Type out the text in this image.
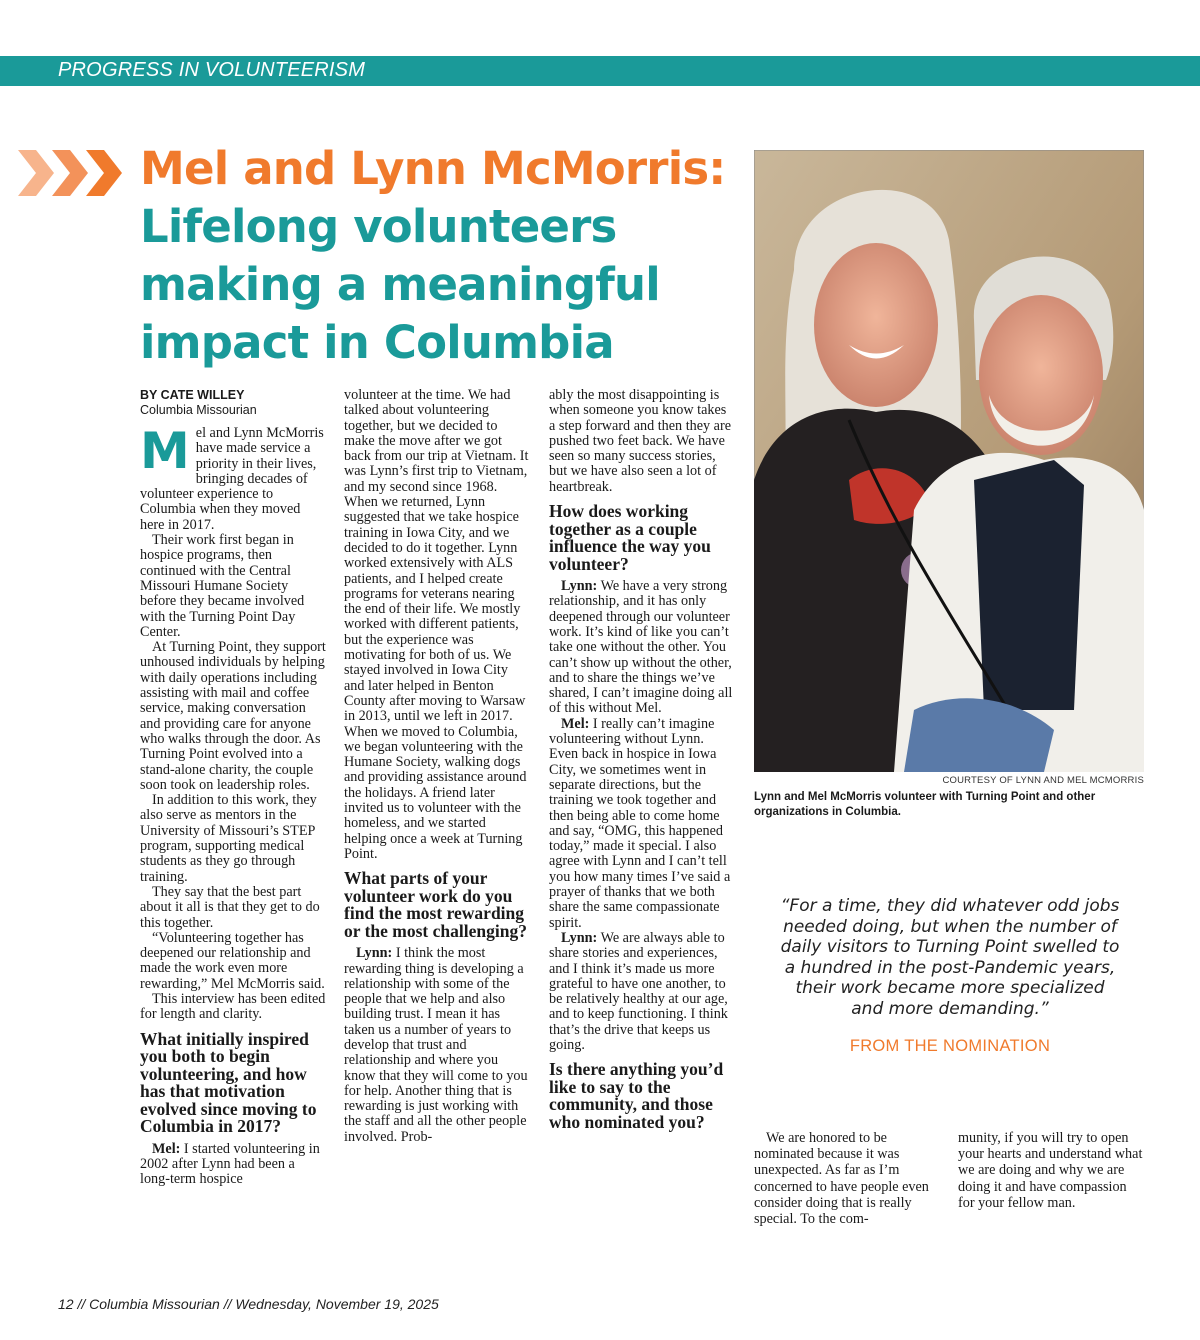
PROGRESS IN VOLUNTEERISM
Mel and Lynn McMorris:
Lifelong volunteers making a meaningful impact in Columbia
BY CATE WILLEY
Columbia Missourian

Mel and Lynn McMorris have made service a priority in their lives, bringing decades of volunteer experience to Columbia when they moved here in 2017.

Their work first began in hospice programs, then continued with the Central Missouri Humane Society before they became involved with the Turning Point Day Center.

At Turning Point, they support unhoused individuals by helping with daily operations including assisting with mail and coffee service, making conversation and providing care for anyone who walks through the door. As Turning Point evolved into a stand-alone charity, the couple soon took on leadership roles.

In addition to this work, they also serve as mentors in the University of Missouri’s STEP program, supporting medical students as they go through training.

They say that the best part about it all is that they get to do this together.

“Volunteering together has deepened our relationship and made the work even more rewarding,” Mel McMorris said.

This interview has been edited for length and clarity.

What initially inspired you both to begin volunteering, and how has that motivation evolved since moving to Columbia in 2017?

Mel: I started volunteering in 2002 after Lynn had been a long-term hospice

volunteer at the time. We had talked about volunteering together, but we decided to make the move after we got back from our trip at Vietnam. It was Lynn’s first trip to Vietnam, and my second since 1968. When we returned, Lynn suggested that we take hospice training in Iowa City, and we decided to do it together. Lynn worked extensively with ALS patients, and I helped create programs for veterans nearing the end of their life. We mostly worked with different patients, but the experience was motivating for both of us. We stayed involved in Iowa City and later helped in Benton County after moving to Warsaw in 2013, until we left in 2017. When we moved to Columbia, we began volunteering with the Humane Society, walking dogs and providing assistance around the holidays. A friend later invited us to volunteer with the homeless, and we started helping once a week at Turning Point.

What parts of your volunteer work do you find the most rewarding or the most challenging?

Lynn: I think the most rewarding thing is developing a relationship with some of the people that we help and also building trust. I mean it has taken us a number of years to develop that trust and relationship and where you know that they will come to you for help. Another thing that is rewarding is just working with the staff and all the other people involved. Prob-

ably the most disappointing is when someone you know takes a step forward and then they are pushed two feet back. We have seen so many success stories, but we have also seen a lot of heartbreak.

How does working together as a couple influence the way you volunteer?

Lynn: We have a very strong relationship, and it has only deepened through our volunteer work. It’s kind of like you can’t take one without the other. You can’t show up without the other, and to share the things we’ve shared, I can’t imagine doing all of this without Mel.

Mel: I really can’t imagine volunteering without Lynn. Even back in hospice in Iowa City, we sometimes went in separate directions, but the training we took together and then being able to come home and say, “OMG, this happened today,” made it special. I also agree with Lynn and I can’t tell you how many times I’ve said a prayer of thanks that we both share the same compassionate spirit.

Lynn: We are always able to share stories and experiences, and I think it’s made us more grateful to have one another, to be relatively healthy at our age, and to keep functioning. I think that’s the drive that keeps us going.

Is there anything you’d like to say to the community, and those who nominated you?
COURTESY OF LYNN AND MEL MCMORRIS
Lynn and Mel McMorris volunteer with Turning Point and other organizations in Columbia.

“For a time, they did whatever odd jobs needed doing, but when the number of daily visitors to Turning Point swelled to a hundred in the post-Pandemic years, their work became more specialized and more demanding.”

FROM THE NOMINATION

We are honored to be nominated because it was unexpected. As far as I’m concerned to have people even consider doing that is really special. To the com-

munity, if you will try to open your hearts and understand what we are doing and why we are doing it and have compassion for your fellow man.

12 // Columbia Missourian // Wednesday, November 19, 2025
